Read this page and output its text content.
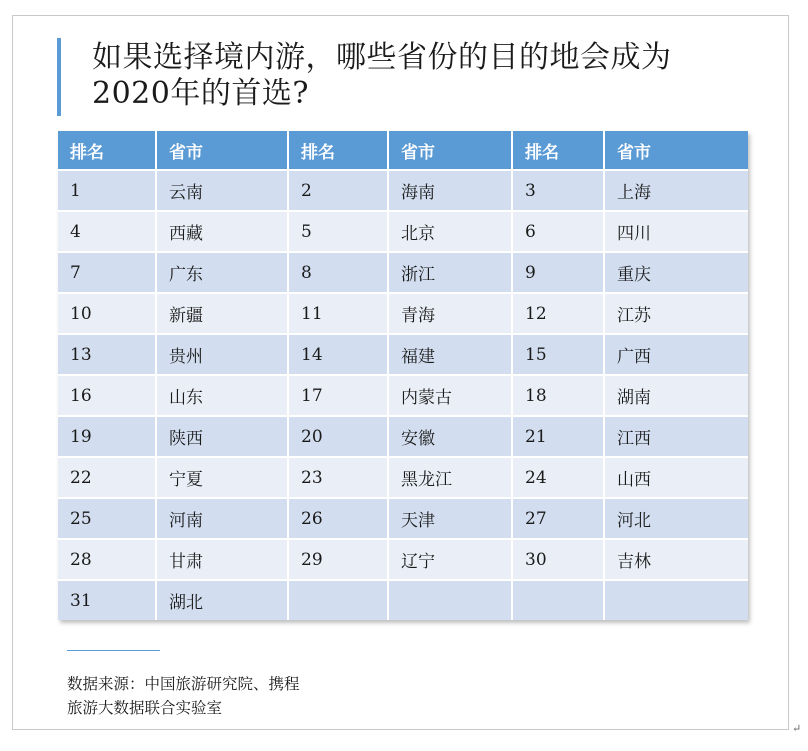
↵
如果选择境内游，哪些省份的目的地会成为2020年的首选?
排名	省市	排名	省市	排名	省市
1	云南	2	海南	3	上海
4	西藏	5	北京	6	四川
7	广东	8	浙江	9	重庆
10	新疆	11	青海	12	江苏
13	贵州	14	福建	15	广西
16	山东	17	内蒙古	18	湖南
19	陕西	20	安徽	21	江西
22	宁夏	23	黑龙江	24	山西
25	河南	26	天津	27	河北
28	甘肃	29	辽宁	30	吉林
31	湖北				
数据来源：中国旅游研究院、携程
旅游大数据联合实验室
